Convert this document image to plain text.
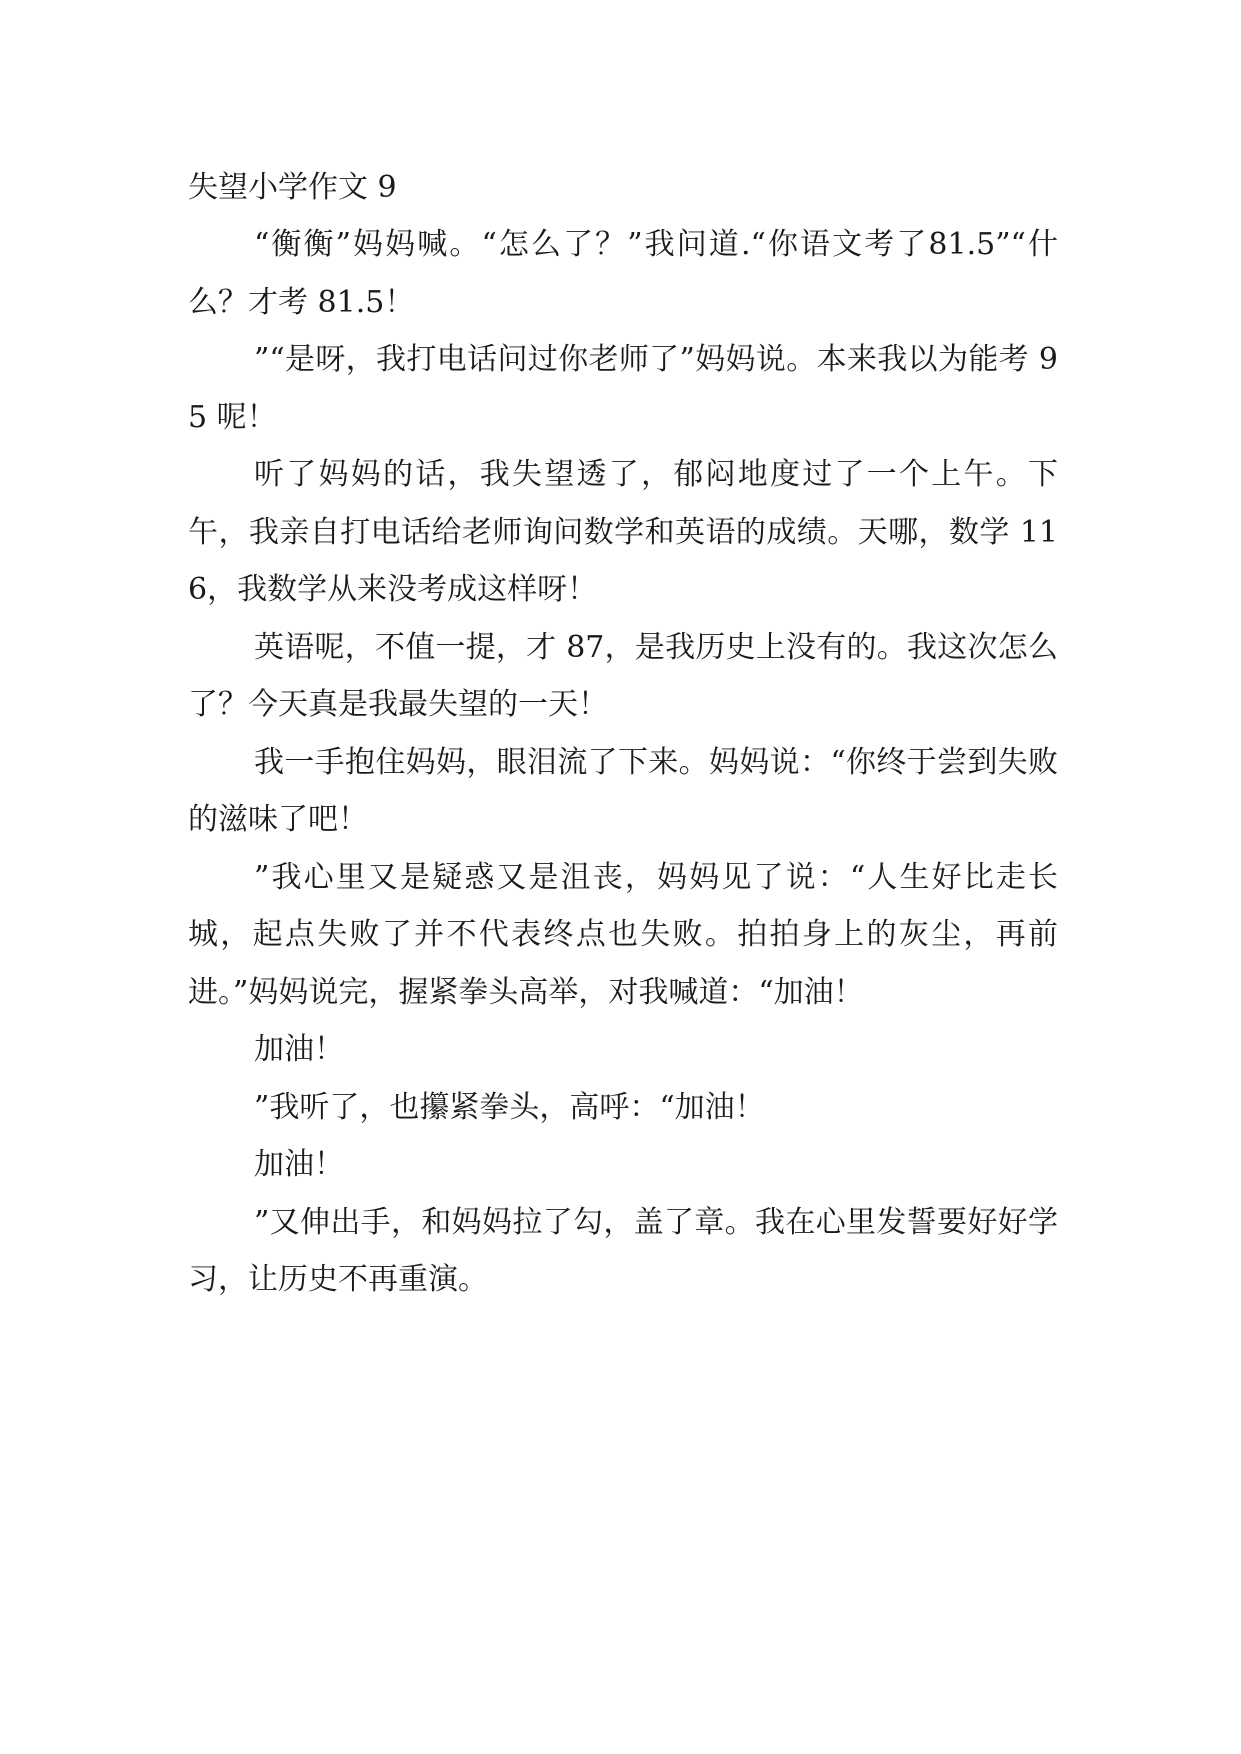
失望小学作文 9

“衡衡”妈妈喊。“怎么了？”我问道.“你语文考了81.5”“什么？才考 81.5！

”“是呀，我打电话问过你老师了”妈妈说。本来我以为能考 95 呢！

听了妈妈的话，我失望透了，郁闷地度过了一个上午。下午，我亲自打电话给老师询问数学和英语的成绩。天哪，数学 116，我数学从来没考成这样呀！

英语呢，不值一提，才 87，是我历史上没有的。我这次怎么了？今天真是我最失望的一天！

我一手抱住妈妈，眼泪流了下来。妈妈说：“你终于尝到失败的滋味了吧！

”我心里又是疑惑又是沮丧，妈妈见了说：“人生好比走长城，起点失败了并不代表终点也失败。拍拍身上的灰尘，再前进。”妈妈说完，握紧拳头高举，对我喊道：“加油！

加油！

”我听了，也攥紧拳头，高呼：“加油！

加油！

”又伸出手，和妈妈拉了勾，盖了章。我在心里发誓要好好学习，让历史不再重演。
